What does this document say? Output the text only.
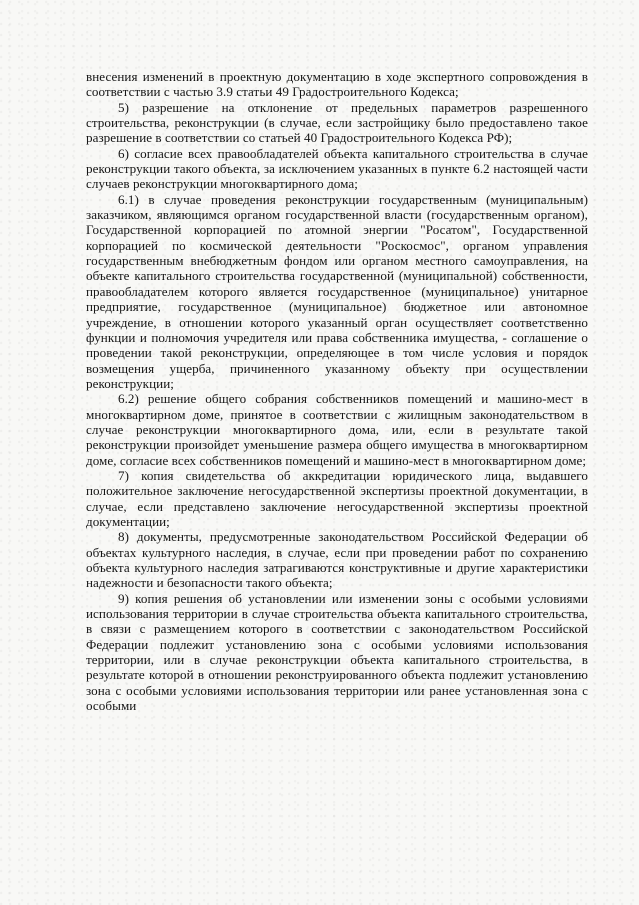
внесения изменений в проектную документацию в ходе экспертного сопровождения в соответствии с частью 3.9 статьи 49 Градостроительного Кодекса;

5) разрешение на отклонение от предельных параметров разрешенного строительства, реконструкции (в случае, если застройщику было предоставлено такое разрешение в соответствии со статьей 40 Градостроительного Кодекса РФ);

6) согласие всех правообладателей объекта капитального строительства в случае реконструкции такого объекта, за исключением указанных в пункте 6.2 настоящей части случаев реконструкции многоквартирного дома;

6.1) в случае проведения реконструкции государственным (муниципальным) заказчиком, являющимся органом государственной власти (государственным органом), Государственной корпорацией по атомной энергии "Росатом", Государственной корпорацией по космической деятельности "Роскосмос", органом управления государственным внебюджетным фондом или органом местного самоуправления, на объекте капитального строительства государственной (муниципальной) собственности, правообладателем которого является государственное (муниципальное) унитарное предприятие, государственное (муниципальное) бюджетное или автономное учреждение, в отношении которого указанный орган осуществляет соответственно функции и полномочия учредителя или права собственника имущества, - соглашение о проведении такой реконструкции, определяющее в том числе условия и порядок возмещения ущерба, причиненного указанному объекту при осуществлении реконструкции;

6.2) решение общего собрания собственников помещений и машино-мест в многоквартирном доме, принятое в соответствии с жилищным законодательством в случае реконструкции многоквартирного дома, или, если в результате такой реконструкции произойдет уменьшение размера общего имущества в многоквартирном доме, согласие всех собственников помещений и машино-мест в многоквартирном доме;

7) копия свидетельства об аккредитации юридического лица, выдавшего положительное заключение негосударственной экспертизы проектной документации, в случае, если представлено заключение негосударственной экспертизы проектной документации;

8) документы, предусмотренные законодательством Российской Федерации об объектах культурного наследия, в случае, если при проведении работ по сохранению объекта культурного наследия затрагиваются конструктивные и другие характеристики надежности и безопасности такого объекта;

9) копия решения об установлении или изменении зоны с особыми условиями использования территории в случае строительства объекта капитального строительства, в связи с размещением которого в соответствии с законодательством Российской Федерации подлежит установлению зона с особыми условиями использования территории, или в случае реконструкции объекта капитального строительства, в результате которой в отношении реконструированного объекта подлежит установлению зона с особыми условиями использования территории или ранее установленная зона с особыми
